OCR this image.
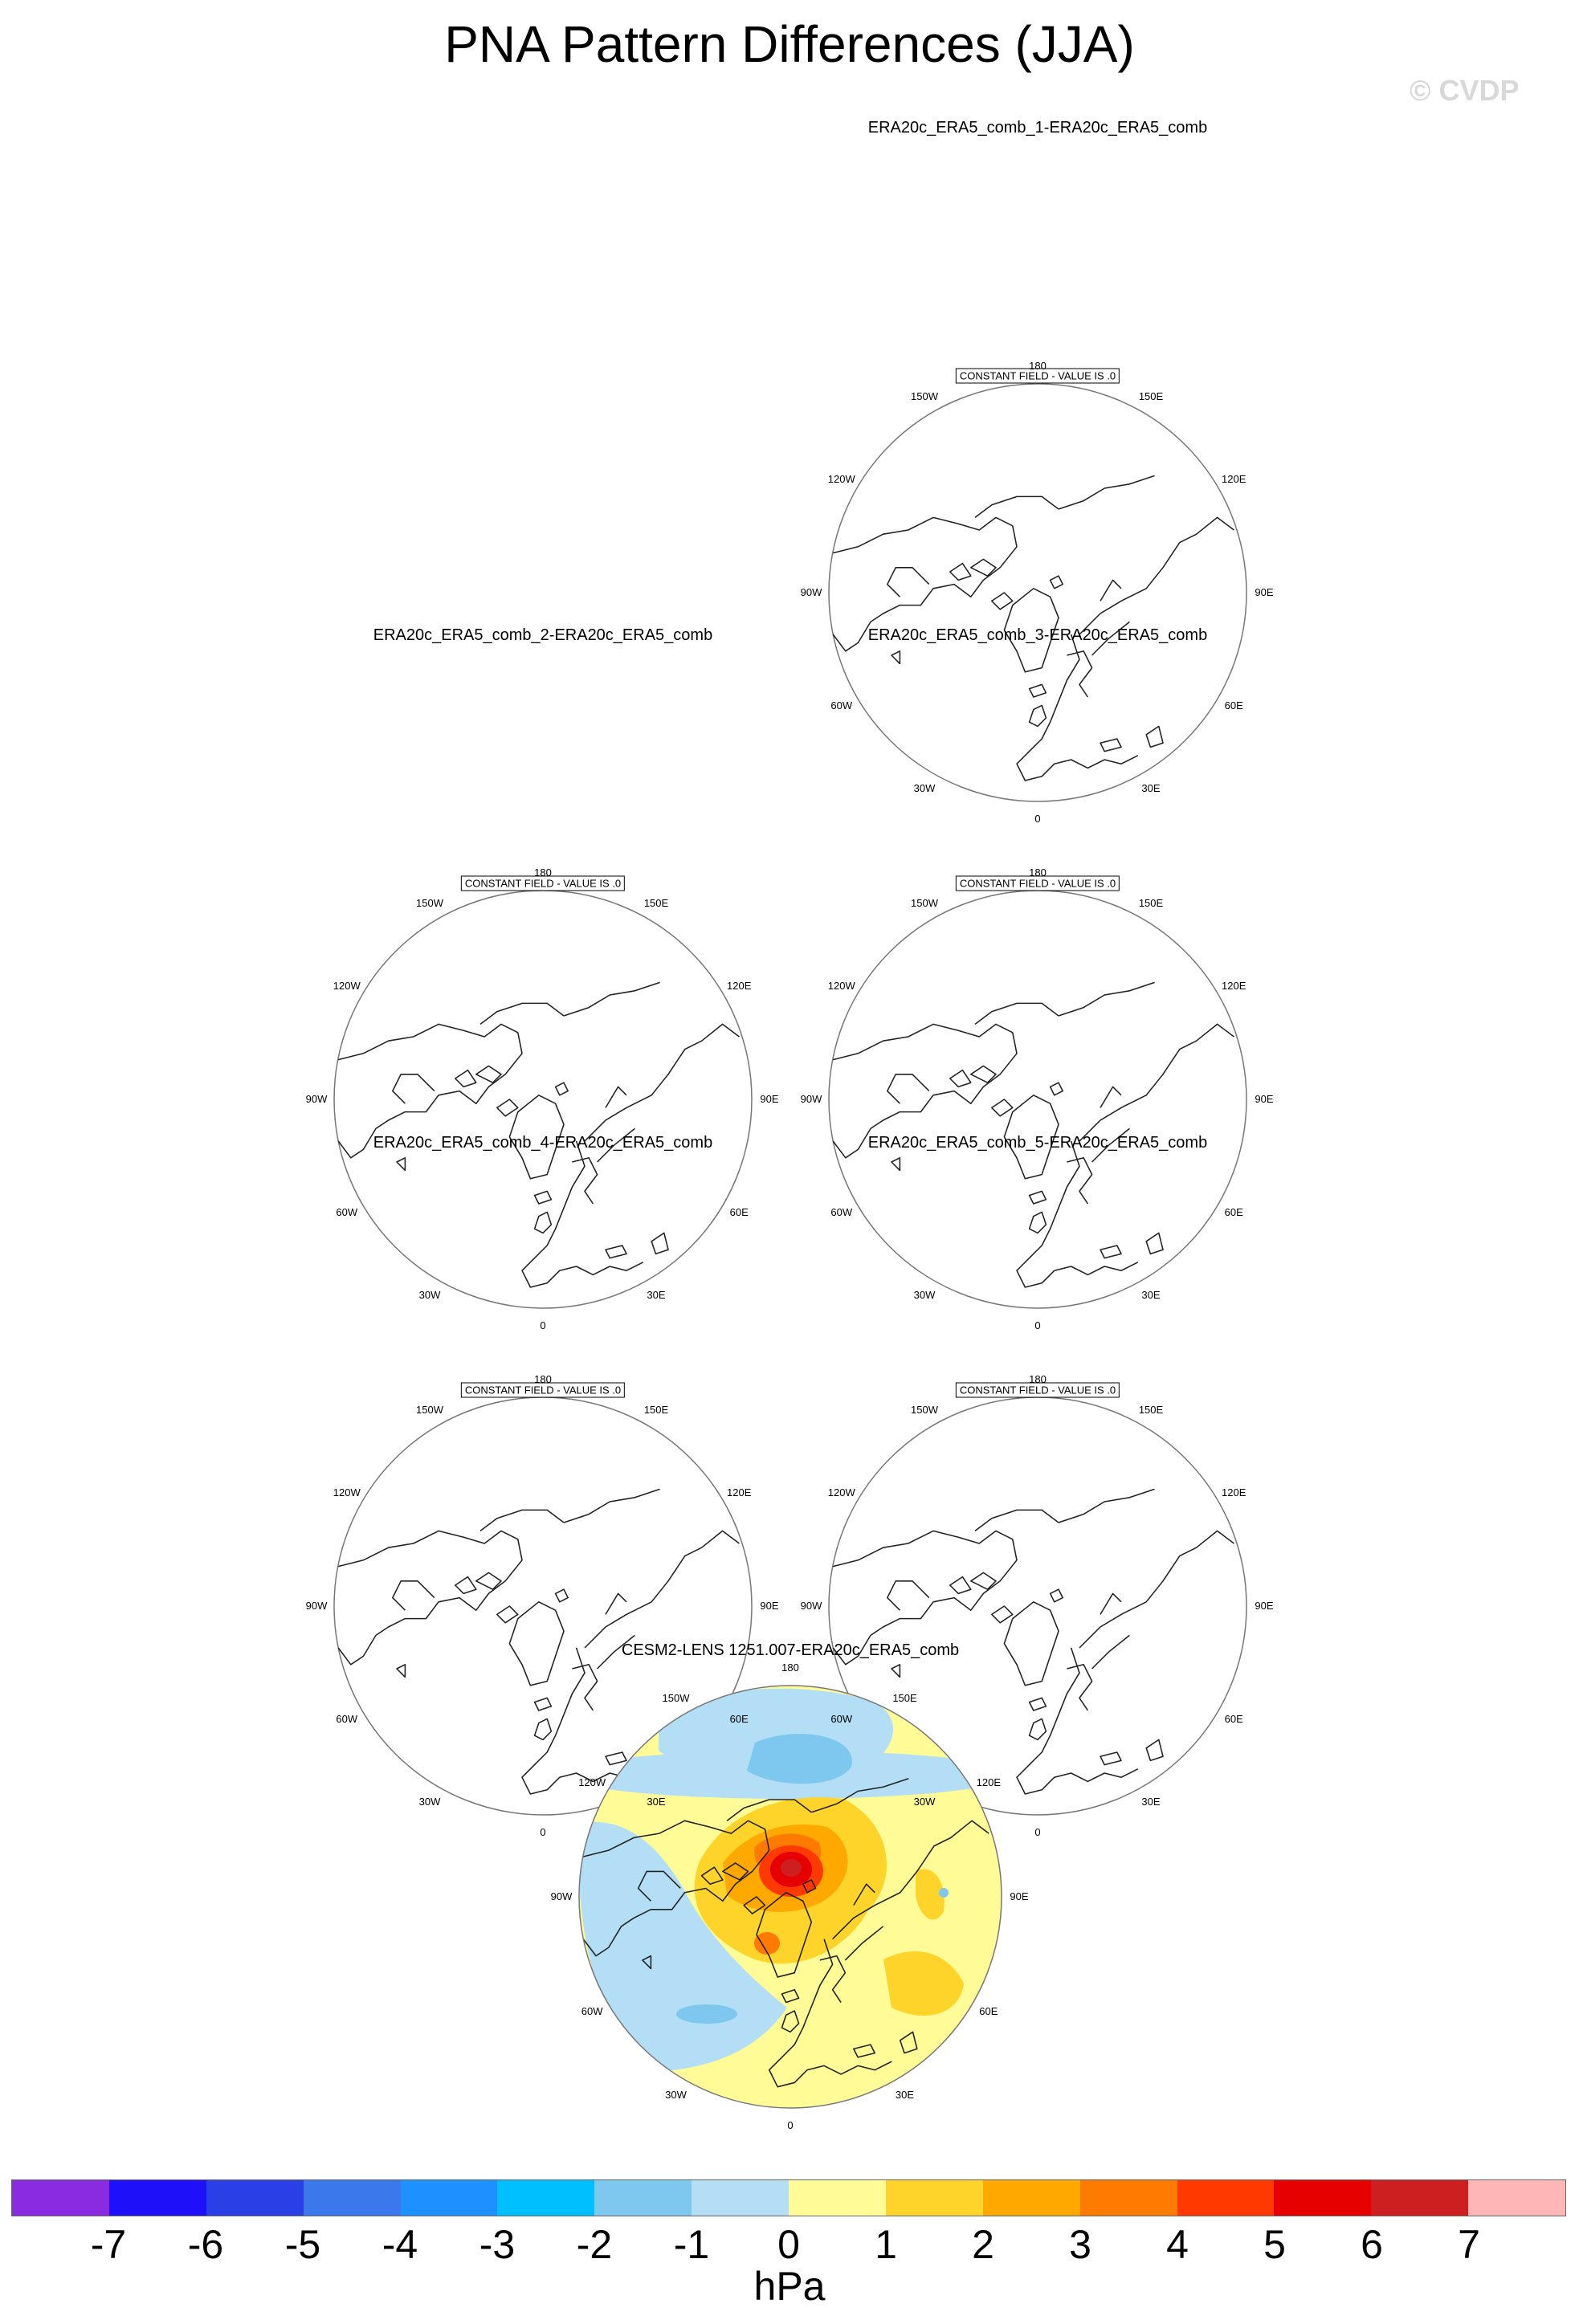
PNA Pattern Differences (JJA)
© CVDP
ERA20c_ERA5_comb_1-ERA20c_ERA5_comb
ERA20c_ERA5_comb_2-ERA20c_ERA5_comb	ERA20c_ERA5_comb_3-ERA20c_ERA5_comb
ERA20c_ERA5_comb_4-ERA20c_ERA5_comb	ERA20c_ERA5_comb_5-ERA20c_ERA5_comb
CESM2-LENS 1251.007-ERA20c_ERA5_comb
CONSTANT FIELD - VALUE IS .0
CONSTANT FIELD - VALUE IS .0	CONSTANT FIELD - VALUE IS .0
CONSTANT FIELD - VALUE IS .0	CONSTANT FIELD - VALUE IS .0
180
150E
120E
90E
60E
30E
0
30W
60W
90W
120W
150W
180
150E
120E
90E
60E
30E
0
30W
60W
90W
120W
150W
180
150E
120E
90E
60E
30E
0
30W
60W
90W
120W
150W
180
150E
120E
90E
60E
30E
0
30W
60W
90W
120W
150W
180
150E
120E
90E
60E
30E
0
30W
60W
90W
120W
150W
180
150E
120E
90E
60E
30E
0
30W
60W
90W
120W
150W
-7	-6	-5	-4	-3	-2	-1	0	1	2	3	4	5	6	7
hPa
